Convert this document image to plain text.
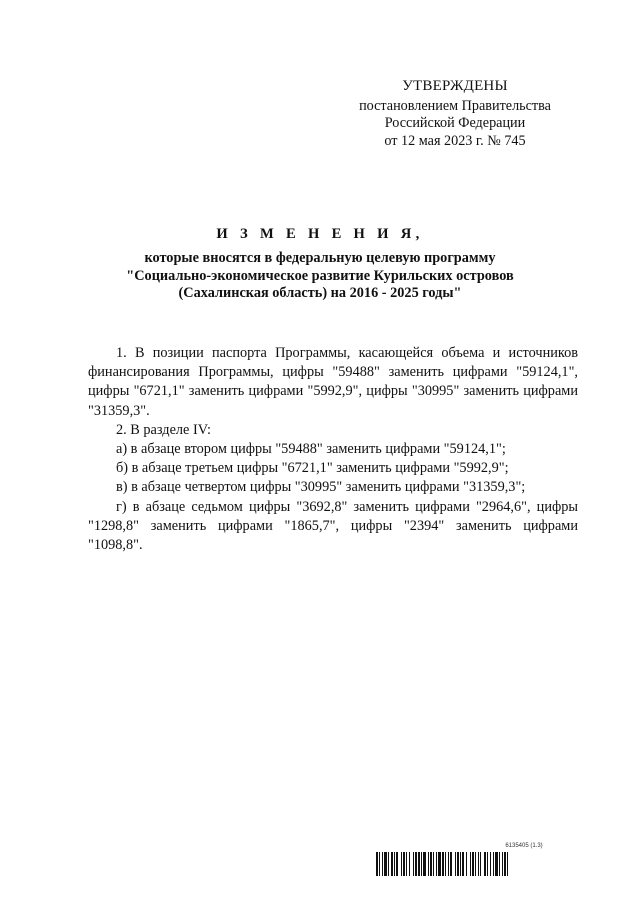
УТВЕРЖДЕНЫ
постановлением Правительства
Российской Федерации
от 12 мая 2023 г. № 745
И З М Е Н Е Н И Я,
которые вносятся в федеральную целевую программу
"Социально-экономическое развитие Курильских островов
(Сахалинская область) на 2016 - 2025 годы"

1. В позиции паспорта Программы, касающейся объема и источников финансирования Программы, цифры "59488" заменить цифрами "59124,1", цифры "6721,1" заменить цифрами "5992,9", цифры "30995" заменить цифрами "31359,3".

2. В разделе IV:

а) в абзаце втором цифры "59488" заменить цифрами "59124,1";

б) в абзаце третьем цифры "6721,1" заменить цифрами "5992,9";

в) в абзаце четвертом цифры "30995" заменить цифрами "31359,3";

г) в абзаце седьмом цифры "3692,8" заменить цифрами "2964,6", цифры "1298,8" заменить цифрами "1865,7", цифры "2394" заменить цифрами "1098,8".

6135405 (1.3)
